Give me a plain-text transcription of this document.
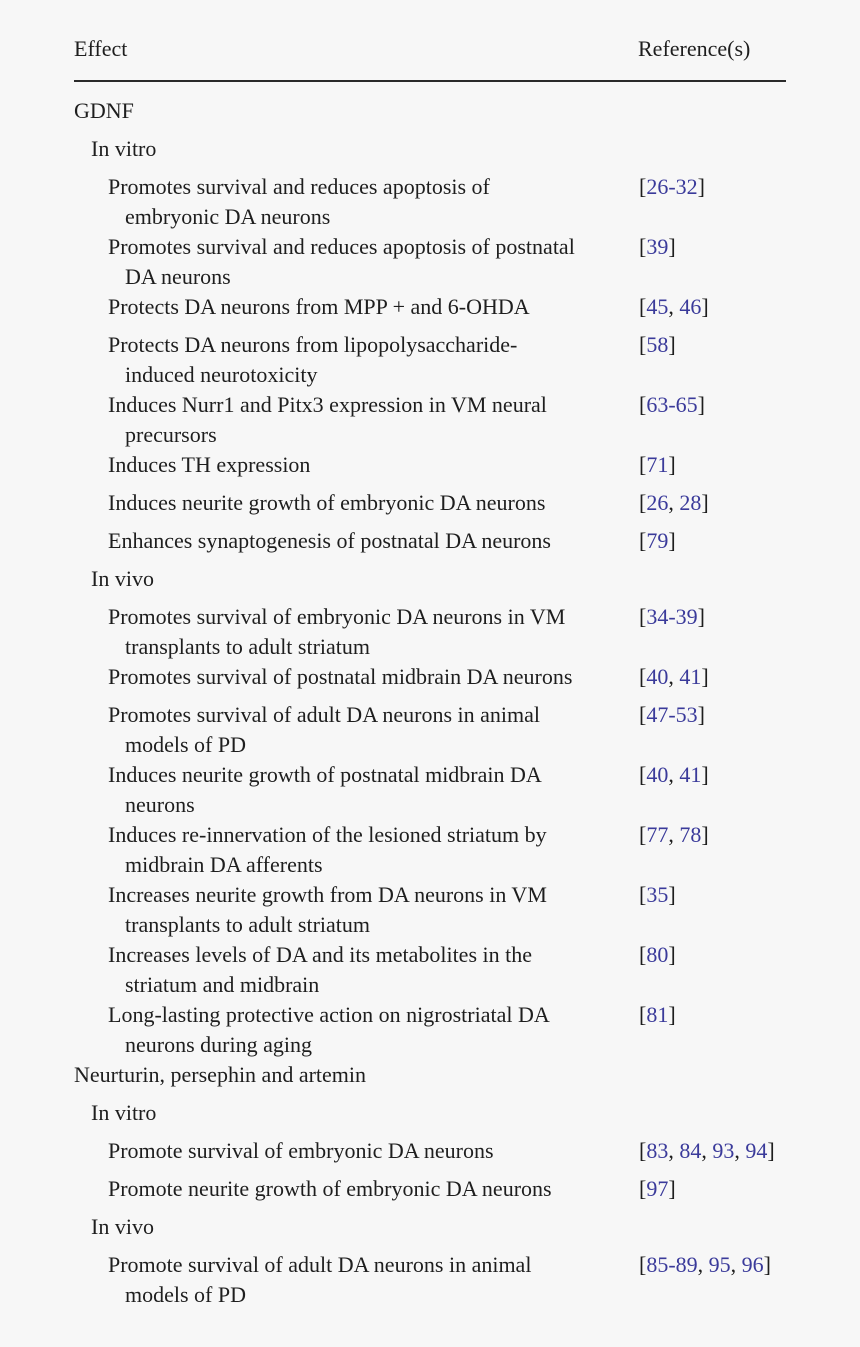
Effect	Reference(s)
GDNF
In vitro
Promotes survival and reduces apoptosis of
embryonic DA neurons
[26-32]
Promotes survival and reduces apoptosis of postnatal
DA neurons
[39]
Protects DA neurons from MPP + and 6-OHDA	[45, 46]
Protects DA neurons from lipopolysaccharide-
induced neurotoxicity
[58]
Induces Nurr1 and Pitx3 expression in VM neural
precursors
[63-65]
Induces TH expression	[71]
Induces neurite growth of embryonic DA neurons	[26, 28]
Enhances synaptogenesis of postnatal DA neurons	[79]
In vivo
Promotes survival of embryonic DA neurons in VM
transplants to adult striatum
[34-39]
Promotes survival of postnatal midbrain DA neurons	[40, 41]
Promotes survival of adult DA neurons in animal
models of PD
[47-53]
Induces neurite growth of postnatal midbrain DA
neurons
[40, 41]
Induces re-innervation of the lesioned striatum by
midbrain DA afferents
[77, 78]
Increases neurite growth from DA neurons in VM
transplants to adult striatum
[35]
Increases levels of DA and its metabolites in the
striatum and midbrain
[80]
Long-lasting protective action on nigrostriatal DA
neurons during aging
[81]
Neurturin, persephin and artemin
In vitro
Promote survival of embryonic DA neurons	[83, 84, 93, 94]
Promote neurite growth of embryonic DA neurons	[97]
In vivo
Promote survival of adult DA neurons in animal
models of PD
[85-89, 95, 96]
